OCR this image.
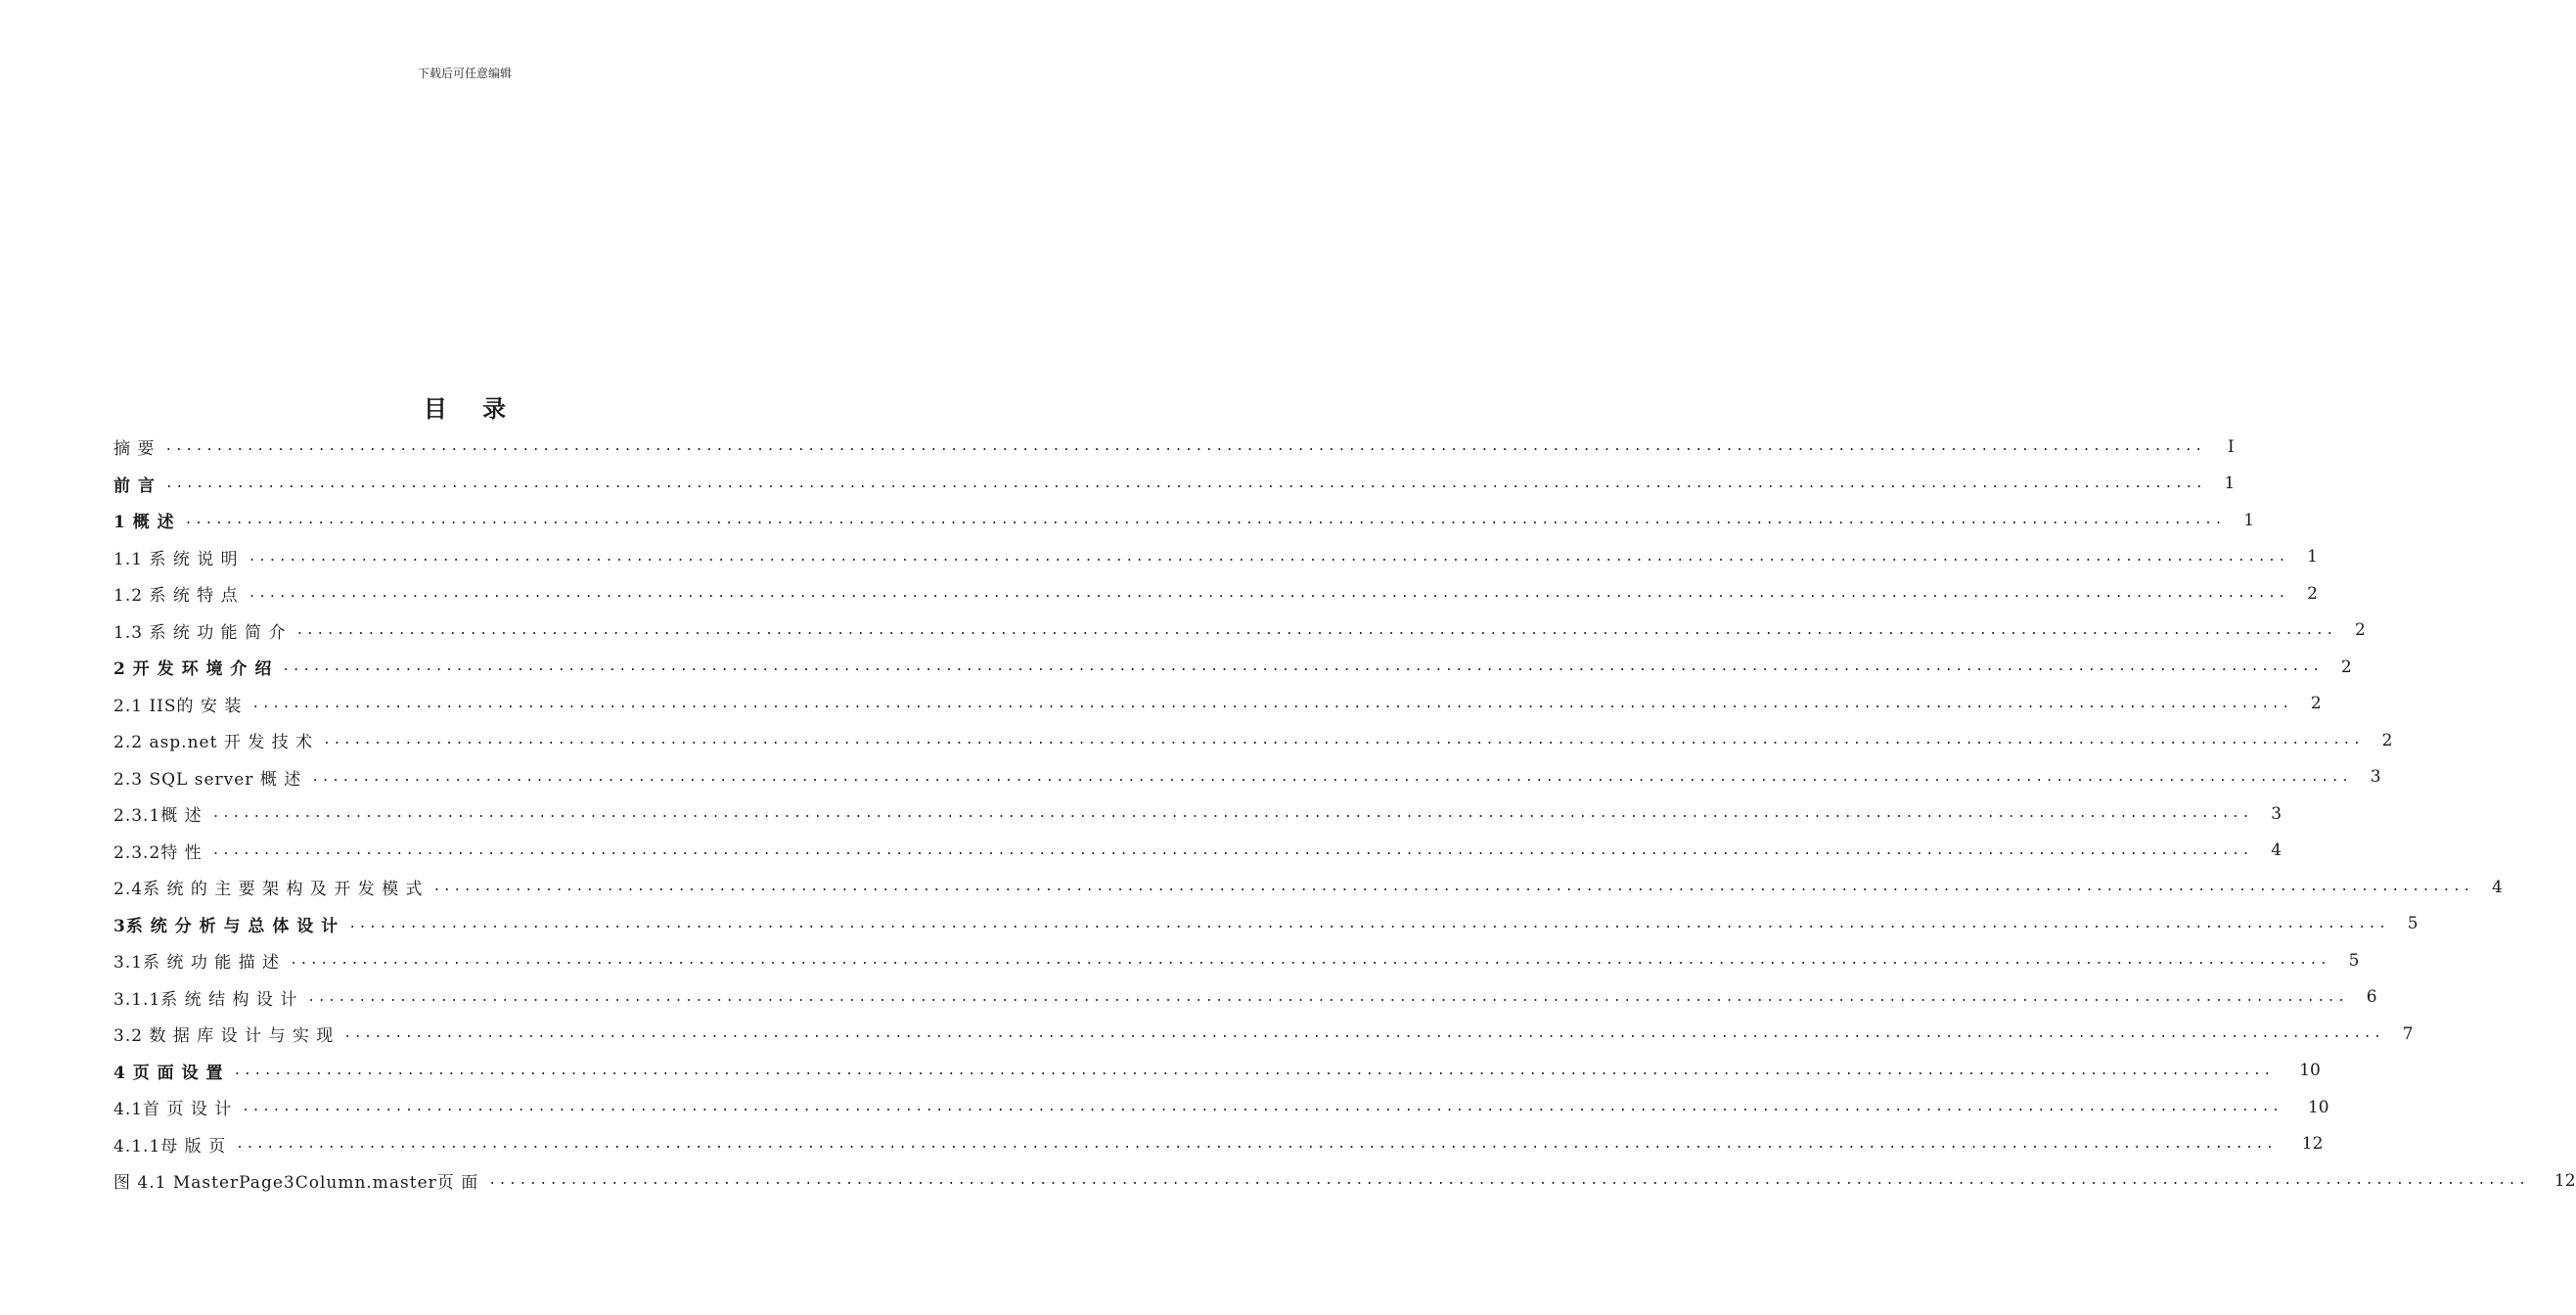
下载后可任意编辑
目 录
摘 要 ........................................................................................................................................................................................................	I
前 言 ........................................................................................................................................................................................................	1
1 概 述 ........................................................................................................................................................................................................	1
1.1 系 统 说 明 ........................................................................................................................................................................................................	1
1.2 系 统 特 点 ........................................................................................................................................................................................................	2
1.3 系 统 功 能 简 介 ........................................................................................................................................................................................................	2
2 开 发 环 境 介 绍 ........................................................................................................................................................................................................	2
2.1 IIS的 安 装 ........................................................................................................................................................................................................	2
2.2 asp.net 开 发 技 术 ........................................................................................................................................................................................................	2
2.3 SQL server 概 述 ........................................................................................................................................................................................................	3
2.3.1概 述 ........................................................................................................................................................................................................	3
2.3.2特 性 ........................................................................................................................................................................................................	4
2.4系 统 的 主 要 架 构 及 开 发 模 式 ........................................................................................................................................................................................................	4
3系 统 分 析 与 总 体 设 计 ........................................................................................................................................................................................................	5
3.1系 统 功 能 描 述 ........................................................................................................................................................................................................	5
3.1.1系 统 结 构 设 计 ........................................................................................................................................................................................................	6
3.2 数 据 库 设 计 与 实 现 ........................................................................................................................................................................................................	7
4 页 面 设 置 ........................................................................................................................................................................................................	10
4.1首 页 设 计 ........................................................................................................................................................................................................	10
4.1.1母 版 页 ........................................................................................................................................................................................................	12
图 4.1 MasterPage3Column.master页 面 ........................................................................................................................................................................................................	12
